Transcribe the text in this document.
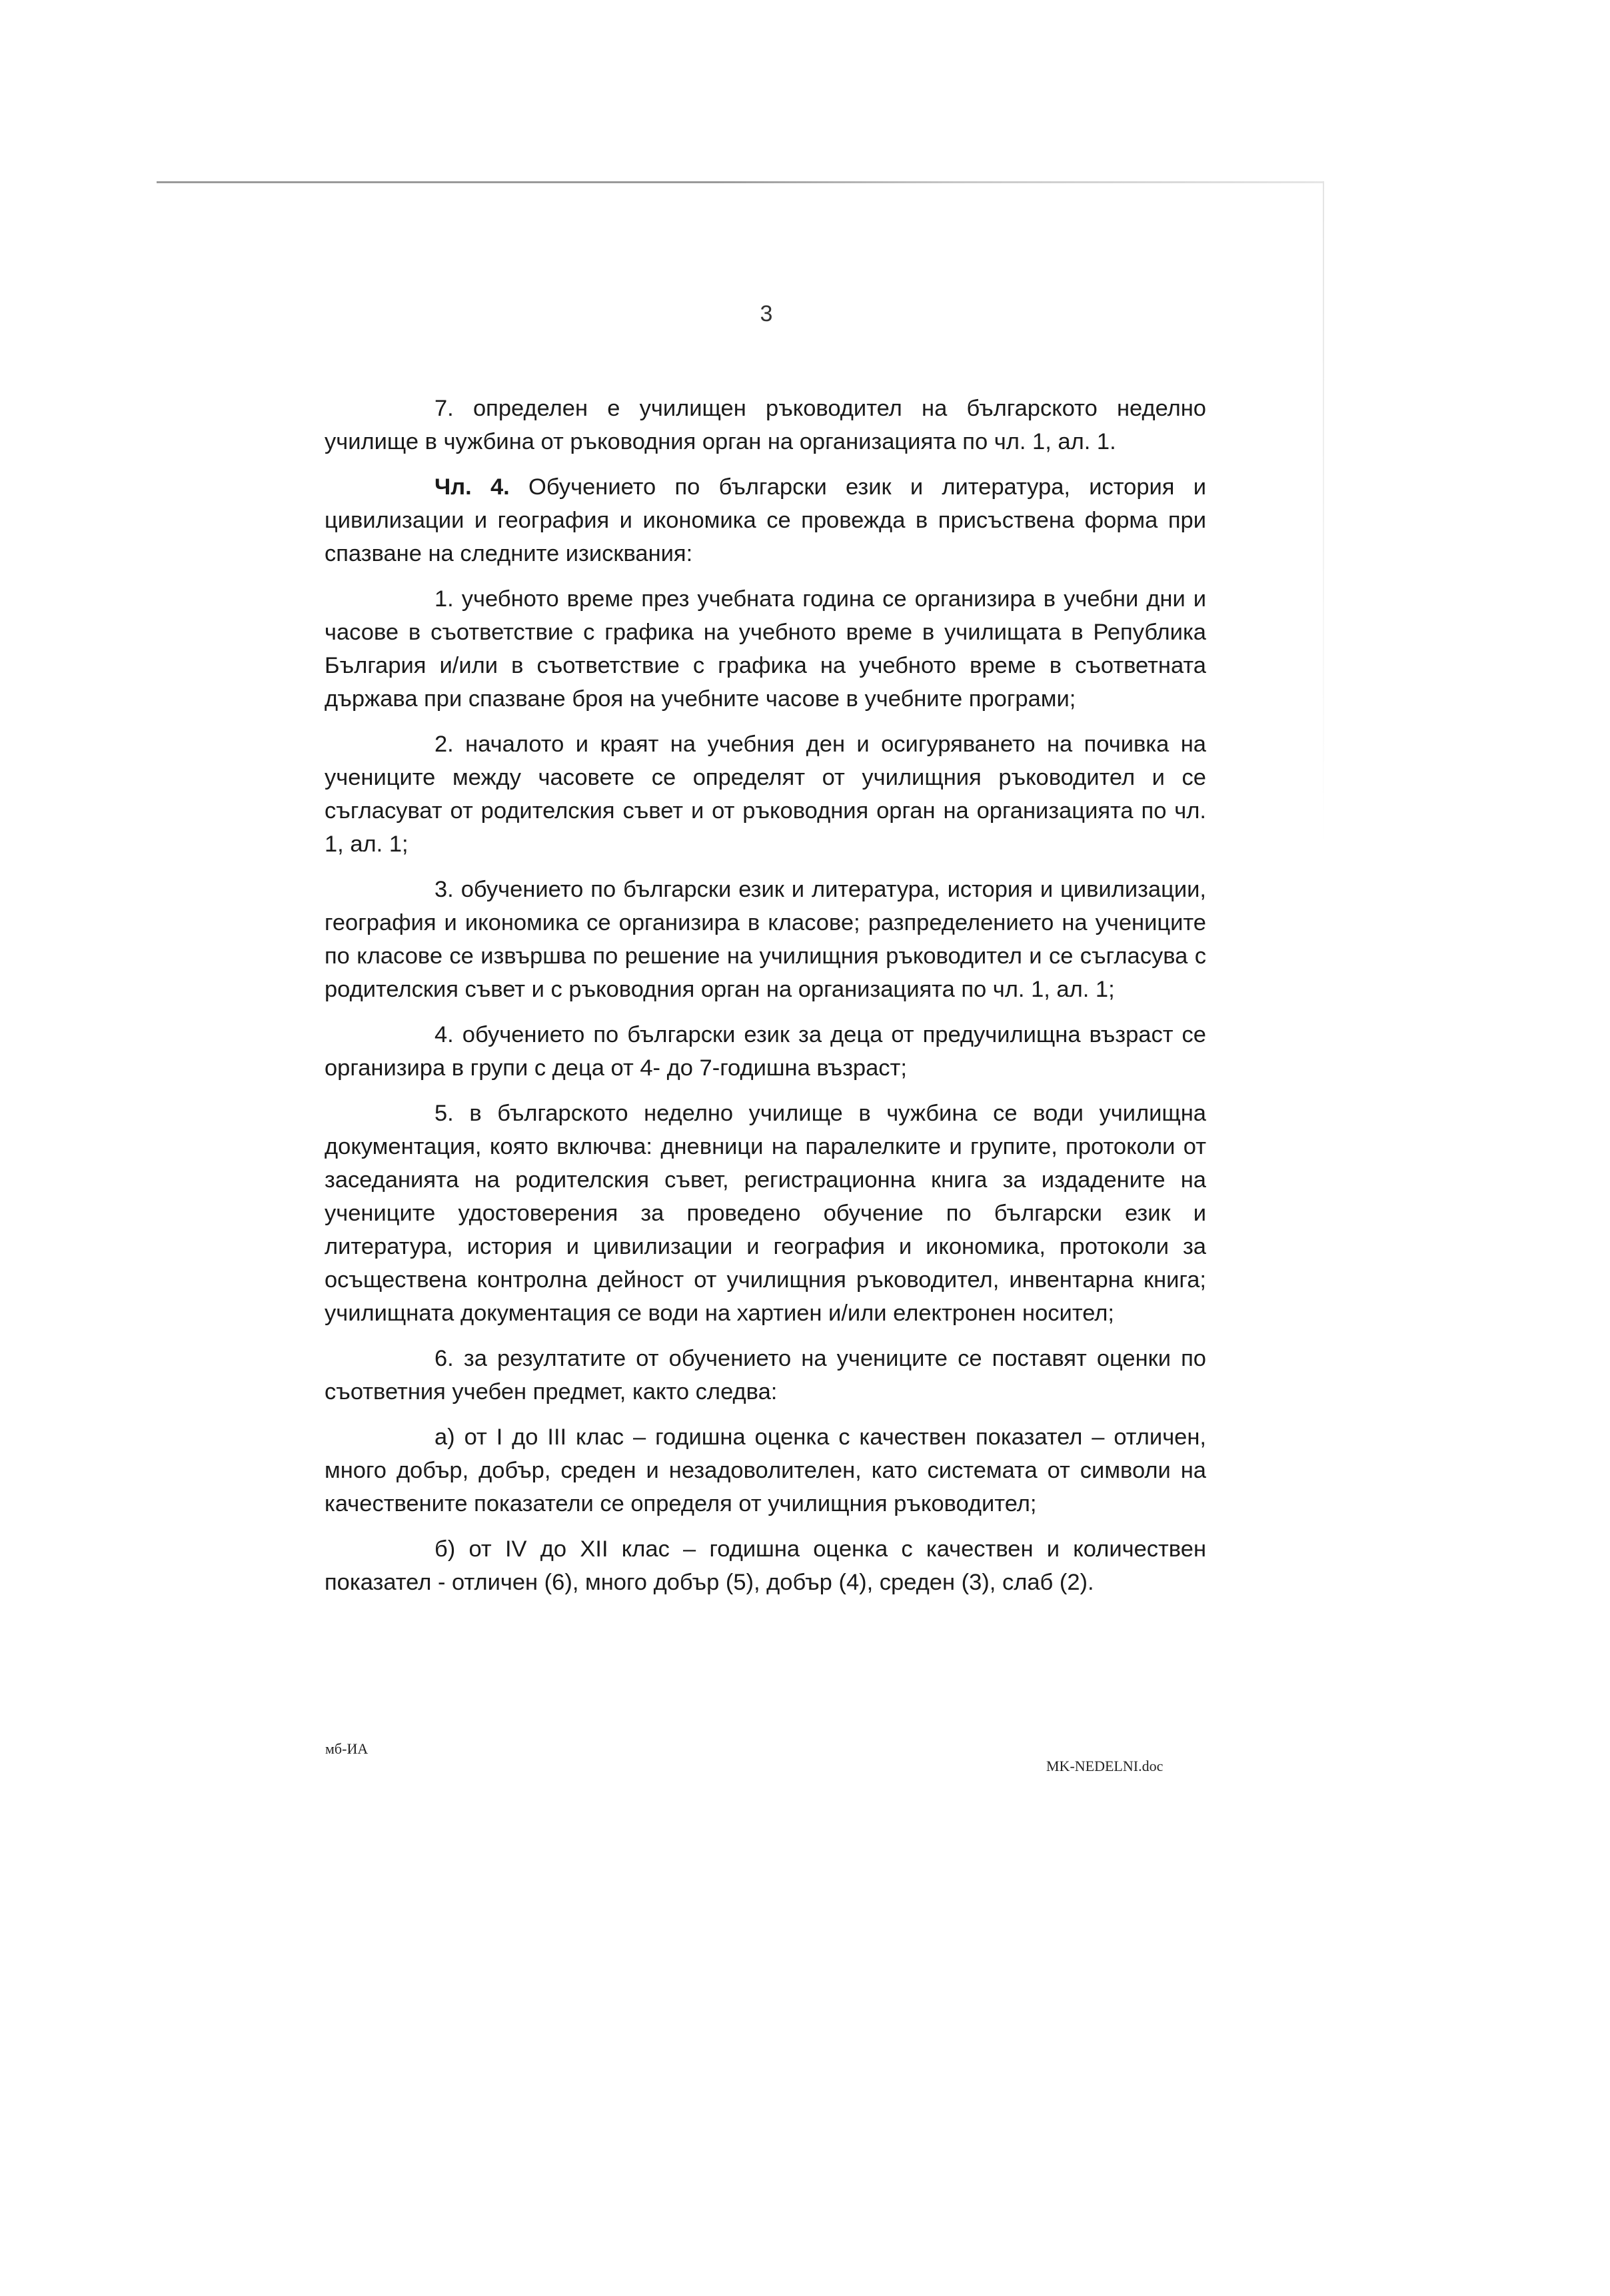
3

7. определен е училищен ръководител на българското неделно училище в чужбина от ръководния орган на организацията по чл. 1, ал. 1.

Чл. 4. Обучението по български език и литература, история и цивилизации и география и икономика се провежда в присъствена форма при спазване на следните изисквания:

1. учебното време през учебната година се организира в учебни дни и часове в съответствие с графика на учебното време в училищата в Република България и/или в съответствие с графика на учебното време в съответната държава при спазване броя на учебните часове в учебните програми;

2. началото и краят на учебния ден и осигуряването на почивка на учениците между часовете се определят от училищния ръководител и се съгласуват от родителския съвет и от ръководния орган на организацията по чл. 1, ал. 1;

3. обучението по български език и литература, история и цивилизации, география и икономика се организира в класове; разпределението на учениците по класове се извършва по решение на училищния ръководител и се съгласува с родителския съвет и с ръководния орган на организацията по чл. 1, ал. 1;

4. обучението по български език за деца от предучилищна възраст се организира в групи с деца от 4- до 7-годишна възраст;

5. в българското неделно училище в чужбина се води училищна документация, която включва: дневници на паралелките и групите, протоколи от заседанията на родителския съвет, регистрационна книга за издадените на учениците удостоверения за проведено обучение по български език и литература, история и цивилизации и география и икономика, протоколи за осъществена контролна дейност от училищния ръководител, инвентарна книга; училищната документация се води на хартиен и/или електронен носител;

6. за резултатите от обучението на учениците се поставят оценки по съответния учебен предмет, както следва:

а) от I до III клас – годишна оценка с качествен показател – отличен, много добър, добър, среден и незадоволителен, като системата от символи на качествените показатели се определя от училищния ръководител;

б) от IV до XII клас – годишна оценка с качествен и количествен показател - отличен (6), много добър (5), добър (4), среден (3), слаб (2).

мб-ИА
MK-NEDELNI.doc
